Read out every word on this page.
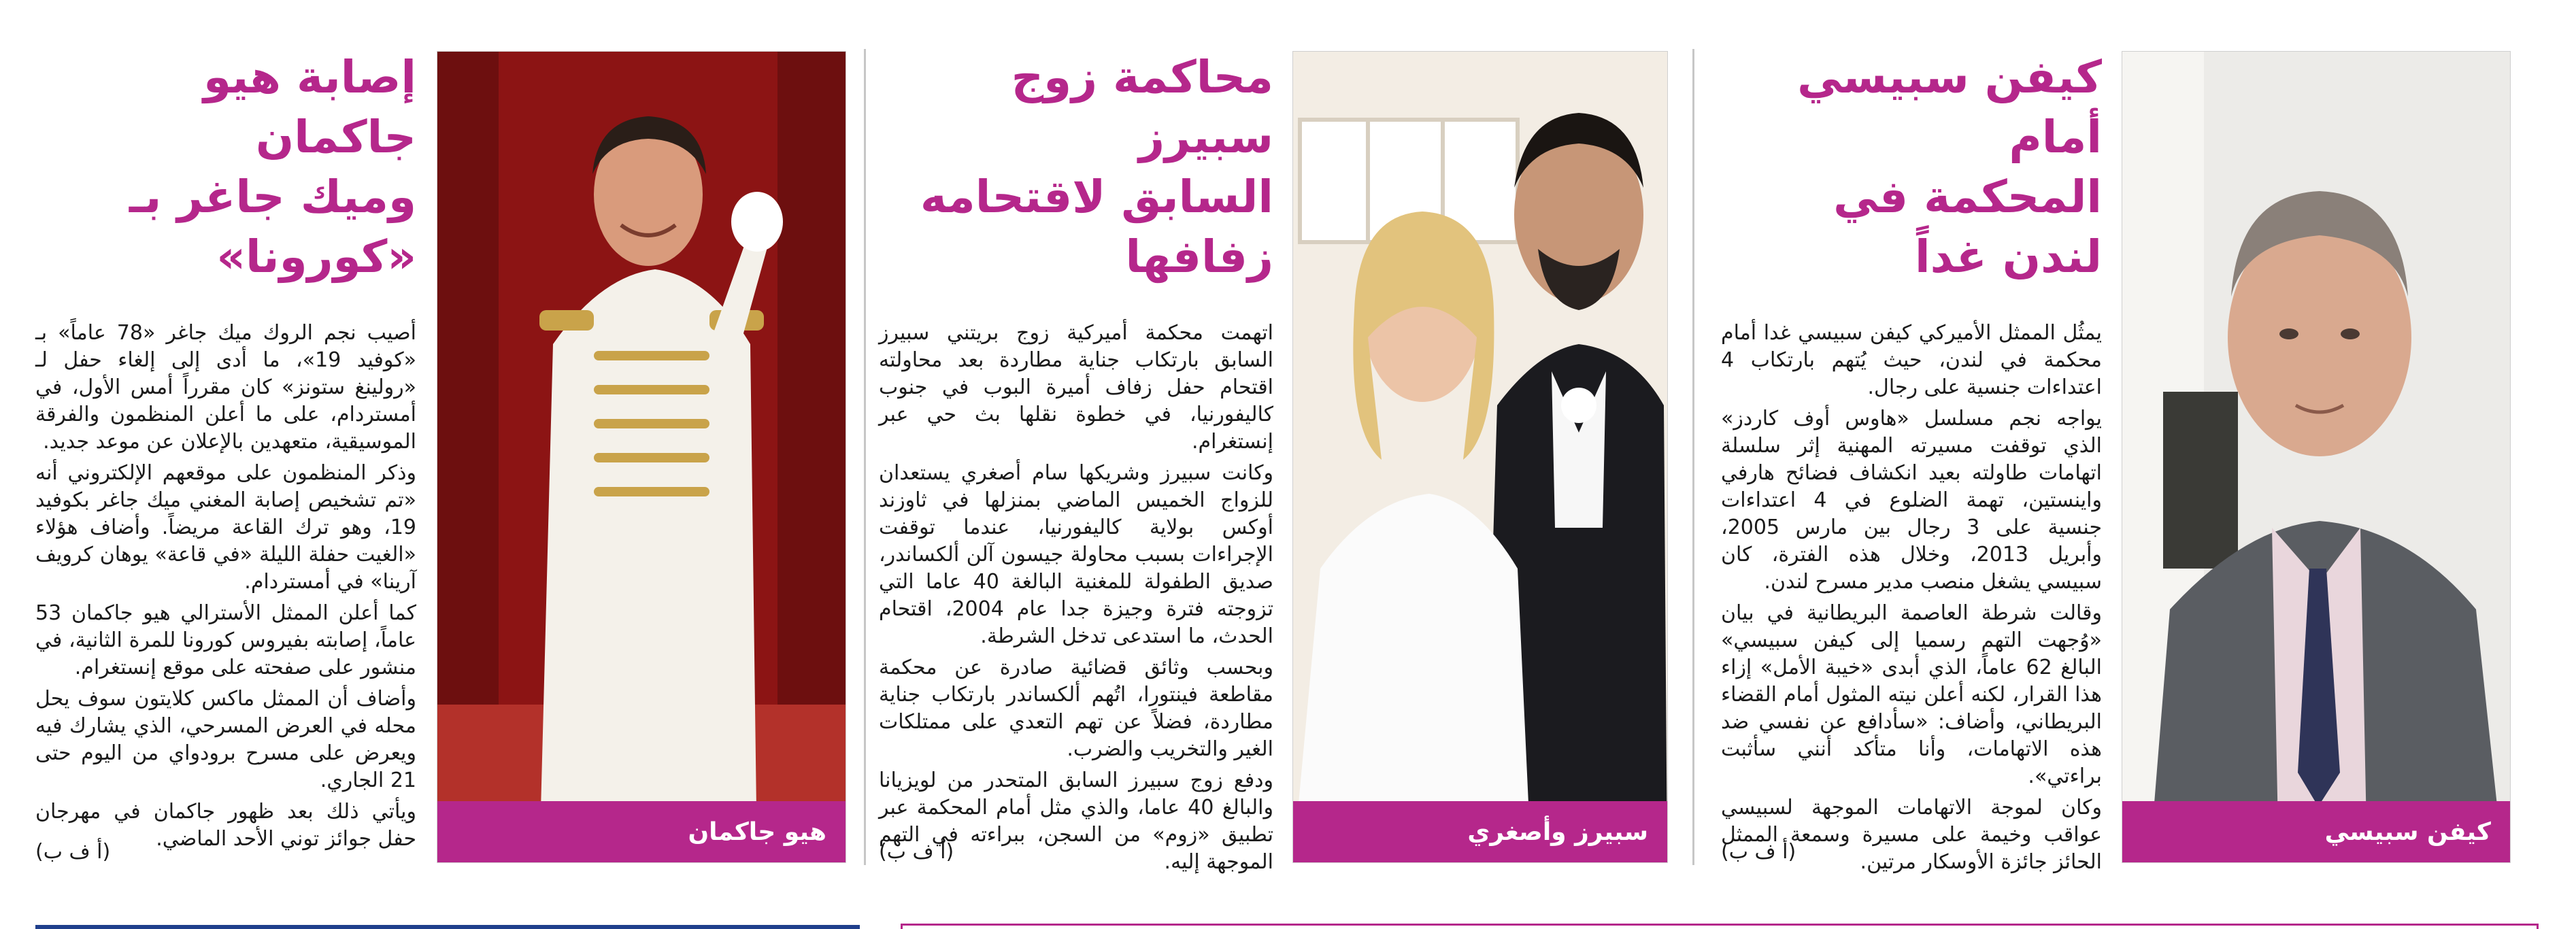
كيفن سبيسي
كيفن سبيسي أمام
المحكمة في لندن غداً

يمثُل الممثل الأميركي كيفن سبيسي غدا أمام محكمة في لندن، حيث يُتهم بارتكاب 4 اعتداءات جنسية على رجال.

يواجه نجم مسلسل «هاوس أوف كاردز» الذي توقفت مسيرته المهنية إثر سلسلة اتهامات طاولته بعيد انكشاف فضائح هارفي واينستين، تهمة الضلوع في 4 اعتداءات جنسية على 3 رجال بين مارس 2005، وأبريل 2013، وخلال هذه الفترة، كان سبيسي يشغل منصب مدير مسرح لندن.

وقالت شرطة العاصمة البريطانية في بيان «وُجهت التهم رسميا إلى كيفن سبيسي» البالغ 62 عاماً، الذي أبدى «خيبة الأمل» إزاء هذا القرار، لكنه أعلن نيته المثول أمام القضاء البريطاني، وأضاف: «سأدافع عن نفسي ضد هذه الاتهامات، وأنا متأكد أنني سأثبت براءتي».

وكان لموجة الاتهامات الموجهة لسبيسي عواقب وخيمة على مسيرة وسمعة الممثل الحائز جائزة الأوسكار مرتين.

(أ ف ب)
سبيرز وأصغري
محاكمة زوج سبيرز
السابق لاقتحامه زفافها

اتهمت محكمة أميركية زوج بريتني سبيرز السابق بارتكاب جناية مطاردة بعد محاولته اقتحام حفل زفاف أميرة البوب في جنوب كاليفورنيا، في خطوة نقلها بث حي عبر إنستغرام.

وكانت سبيرز وشريكها سام أصغري يستعدان للزواج الخميس الماضي بمنزلها في ثاوزند أوكس بولاية كاليفورنيا، عندما توقفت الإجراءات بسبب محاولة جيسون آلن ألكساندر، صديق الطفولة للمغنية البالغة 40 عاما التي تزوجته فترة وجيزة جدا عام 2004، اقتحام الحدث، ما استدعى تدخل الشرطة.

وبحسب وثائق قضائية صادرة عن محكمة مقاطعة فينتورا، اتُهم ألكساندر بارتكاب جناية مطاردة، فضلاً عن تهم التعدي على ممتلكات الغير والتخريب والضرب.

ودفع زوج سبيرز السابق المتحدر من لويزيانا والبالغ 40 عاما، والذي مثل أمام المحكمة عبر تطبيق «زوم» من السجن، ببراءته في التهم الموجهة إليه.

(أ ف ب)
هيو جاكمان
إصابة هيو جاكمان
وميك جاغر بـ «كورونا»

أصيب نجم الروك ميك جاغر «78 عاماً» بـ «كوفيد 19»، ما أدى إلى إلغاء حفل لـ «رولينغ ستونز» كان مقرراً أمس الأول، في أمستردام، على ما أعلن المنظمون والفرقة الموسيقية، متعهدين بالإعلان عن موعد جديد.

وذكر المنظمون على موقعهم الإلكتروني أنه «تم تشخيص إصابة المغني ميك جاغر بكوفيد 19، وهو ترك القاعة مريضاً. وأضاف هؤلاء «الغيت حفلة الليلة «في قاعة» يوهان كرويف آرينا» في أمستردام.

كما أعلن الممثل الأسترالي هيو جاكمان 53 عاماً، إصابته بفيروس كورونا للمرة الثانية، في منشور على صفحته على موقع إنستغرام.

وأضاف أن الممثل ماكس كلايتون سوف يحل محله في العرض المسرحي، الذي يشارك فيه ويعرض على مسرح برودواي من اليوم حتى 21 الجاري.

ويأتي ذلك بعد ظهور جاكمان في مهرجان حفل جوائز توني الأحد الماضي.

(أ ف ب)
